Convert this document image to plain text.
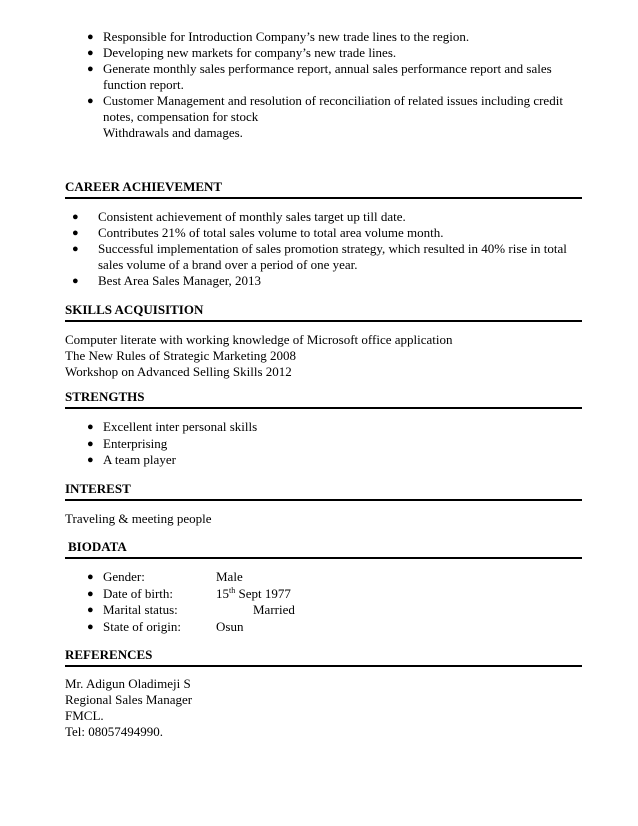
● Responsible for Introduction Company’s new trade lines to the region.
● Developing new markets for company’s new trade lines.
● Generate monthly sales performance report, annual sales performance report and sales function report.
● Customer Management and resolution of reconciliation of related issues including credit notes, compensation for stock
Withdrawals and damages.
CAREER ACHIEVEMENT
● Consistent achievement of monthly sales target up till date.
● Contributes 21% of total sales volume to total area volume month.
● Successful implementation of sales promotion strategy, which resulted in 40% rise in total sales volume of a brand over a period of one year.
● Best Area Sales Manager, 2013
SKILLS ACQUISITION
Computer literate with working knowledge of Microsoft office application
The New Rules of Strategic Marketing 2008
Workshop on Advanced Selling Skills 2012
STRENGTHS
● Excellent inter personal skills
● Enterprising
● A team player
INTEREST
Traveling & meeting people
BIODATA
● Gender:	Male
● Date of birth:	15th Sept 1977
● Marital status:	Married
● State of origin:	Osun
REFERENCES
Mr. Adigun Oladimeji S
Regional Sales Manager
FMCL.
Tel: 08057494990.
